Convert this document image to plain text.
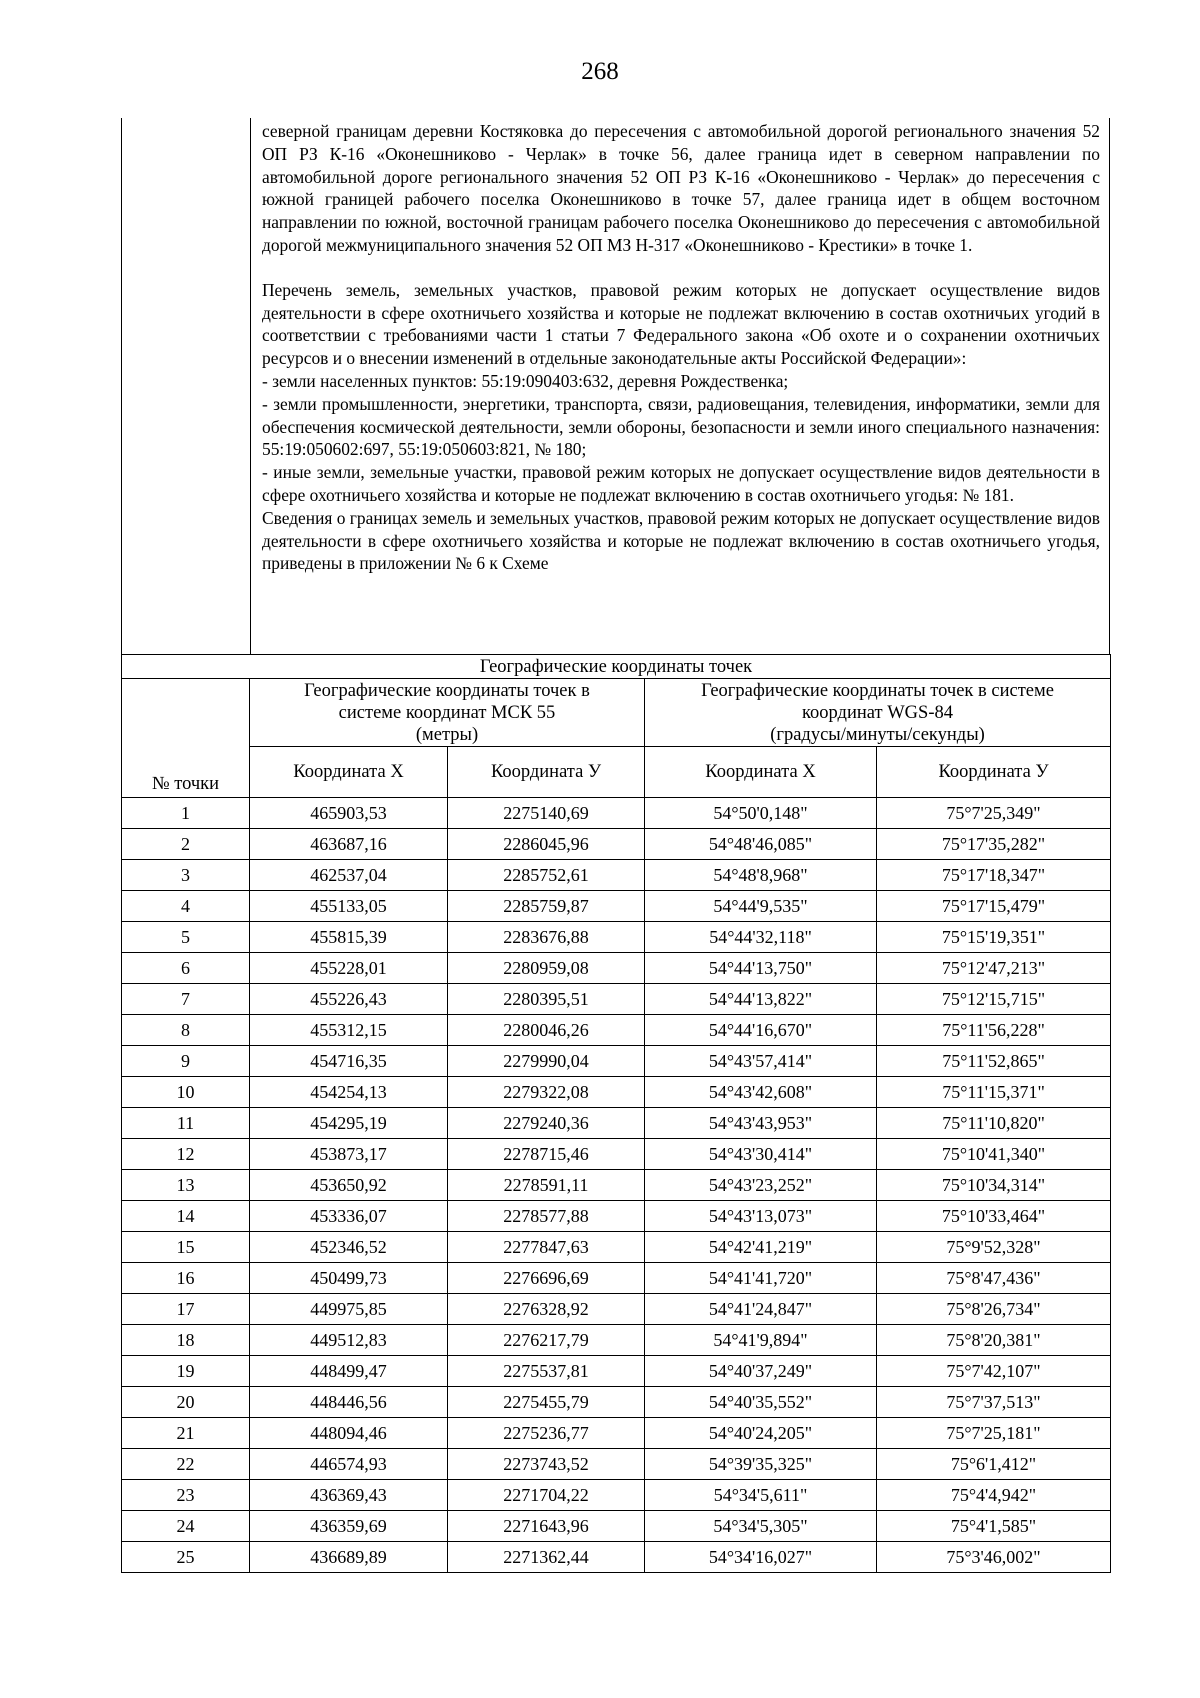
268

северной границам деревни Костяковка до пересечения с автомобильной дорогой регионального значения 52 ОП РЗ К-16 «Оконешниково - Черлак» в точке 56, далее граница идет в северном направлении по автомобильной дороге регионального значения 52 ОП РЗ К-16 «Оконешниково - Черлак» до пересечения с южной границей рабочего поселка Оконешниково в точке 57, далее граница идет в общем восточном направлении по южной, восточной границам рабочего поселка Оконешниково до пересечения с автомобильной дорогой межмуниципального значения 52 ОП МЗ Н-317 «Оконешниково - Крестики» в точке 1.

Перечень земель, земельных участков, правовой режим которых не допускает осуществление видов деятельности в сфере охотничьего хозяйства и которые не подлежат включению в состав охотничьих угодий в соответствии с требованиями части 1 статьи 7 Федерального закона «Об охоте и о сохранении охотничьих ресурсов и о внесении изменений в отдельные законодательные акты Российской Федерации»:

- земли населенных пунктов: 55:19:090403:632, деревня Рождественка;

- земли промышленности, энергетики, транспорта, связи, радиовещания, телевидения, информатики, земли для обеспечения космической деятельности, земли обороны, безопасности и земли иного специального назначения: 55:19:050602:697, 55:19:050603:821, № 180;

- иные земли, земельные участки, правовой режим которых не допускает осуществление видов деятельности в сфере охотничьего хозяйства и которые не подлежат включению в состав охотничьего угодья: № 181.

Сведения о границах земель и земельных участков, правовой режим которых не допускает осуществление видов деятельности в сфере охотничьего хозяйства и которые не подлежат включению в состав охотничьего угодья, приведены в приложении № 6 к Схеме

Географические координаты точек				
№ точки	Географические координаты точек в
системе координат МСК 55
(метры)		Географические координаты точек в системе
координат WGS-84
(градусы/минуты/секунды)	
	Координата Х	Координата У	Координата Х	Координата У
1	465903,53	2275140,69	54°50'0,148"	75°7'25,349"
2	463687,16	2286045,96	54°48'46,085"	75°17'35,282"
3	462537,04	2285752,61	54°48'8,968"	75°17'18,347"
4	455133,05	2285759,87	54°44'9,535"	75°17'15,479"
5	455815,39	2283676,88	54°44'32,118"	75°15'19,351"
6	455228,01	2280959,08	54°44'13,750"	75°12'47,213"
7	455226,43	2280395,51	54°44'13,822"	75°12'15,715"
8	455312,15	2280046,26	54°44'16,670"	75°11'56,228"
9	454716,35	2279990,04	54°43'57,414"	75°11'52,865"
10	454254,13	2279322,08	54°43'42,608"	75°11'15,371"
11	454295,19	2279240,36	54°43'43,953"	75°11'10,820"
12	453873,17	2278715,46	54°43'30,414"	75°10'41,340"
13	453650,92	2278591,11	54°43'23,252"	75°10'34,314"
14	453336,07	2278577,88	54°43'13,073"	75°10'33,464"
15	452346,52	2277847,63	54°42'41,219"	75°9'52,328"
16	450499,73	2276696,69	54°41'41,720"	75°8'47,436"
17	449975,85	2276328,92	54°41'24,847"	75°8'26,734"
18	449512,83	2276217,79	54°41'9,894"	75°8'20,381"
19	448499,47	2275537,81	54°40'37,249"	75°7'42,107"
20	448446,56	2275455,79	54°40'35,552"	75°7'37,513"
21	448094,46	2275236,77	54°40'24,205"	75°7'25,181"
22	446574,93	2273743,52	54°39'35,325"	75°6'1,412"
23	436369,43	2271704,22	54°34'5,611"	75°4'4,942"
24	436359,69	2271643,96	54°34'5,305"	75°4'1,585"
25	436689,89	2271362,44	54°34'16,027"	75°3'46,002"
